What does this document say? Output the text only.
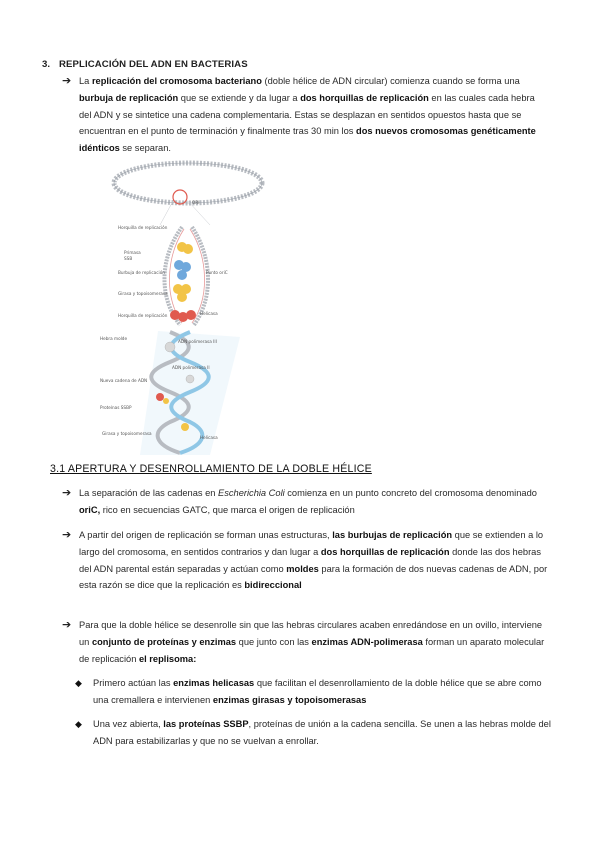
3. REPLICACIÓN DEL ADN EN BACTERIAS
➔ La replicación del cromosoma bacteriano (doble hélice de ADN circular) comienza cuando se forma una burbuja de replicación que se extiende y da lugar a dos horquillas de replicación en las cuales cada hebra del ADN y se sintetice una cadena complementaria. Estas se desplazan en sentidos opuestos hasta que se encuentran en el punto de terminación y finalmente tras 30 min los dos nuevos cromosomas genéticamente idénticos se separan.
ORI
Horquilla de replicación
Primasa
SSB
Burbuja de replicación
Girasa y topoisomerasa
Horquilla de replicación
Punto oriC
Helicasa
Hebra molde
ADN polimerasa III
Nueva cadena de ADN
ADN polimerasa II
Proteínas SSBP
Girasa y topoisomerasa
Helicasa
3.1 APERTURA Y DESENROLLAMIENTO DE LA DOBLE HÉLICE
➔ La separación de las cadenas en Escherichia Coli comienza en un punto concreto del cromosoma denominado oriC, rico en secuencias GATC, que marca el origen de replicación
➔ A partir del origen de replicación se forman unas estructuras, las burbujas de replicación que se extienden a lo largo del cromosoma, en sentidos contrarios y dan lugar a dos horquillas de replicación donde las dos hebras del ADN parental están separadas y actúan como moldes para la formación de dos nuevas cadenas de ADN, por esta razón se dice que la replicación es bidireccional
➔ Para que la doble hélice se desenrolle sin que las hebras circulares acaben enredándose en un ovillo, interviene un conjunto de proteínas y enzimas que junto con las enzimas ADN-polimerasa forman un aparato molecular de replicación el replisoma:
◆ Primero actúan las enzimas helicasas que facilitan el desenrollamiento de la doble hélice que se abre como una cremallera e intervienen enzimas girasas y topoisomerasas
◆ Una vez abierta, las proteínas SSBP, proteínas de unión a la cadena sencilla. Se unen a las hebras molde del ADN para estabilizarlas y que no se vuelvan a enrollar.
